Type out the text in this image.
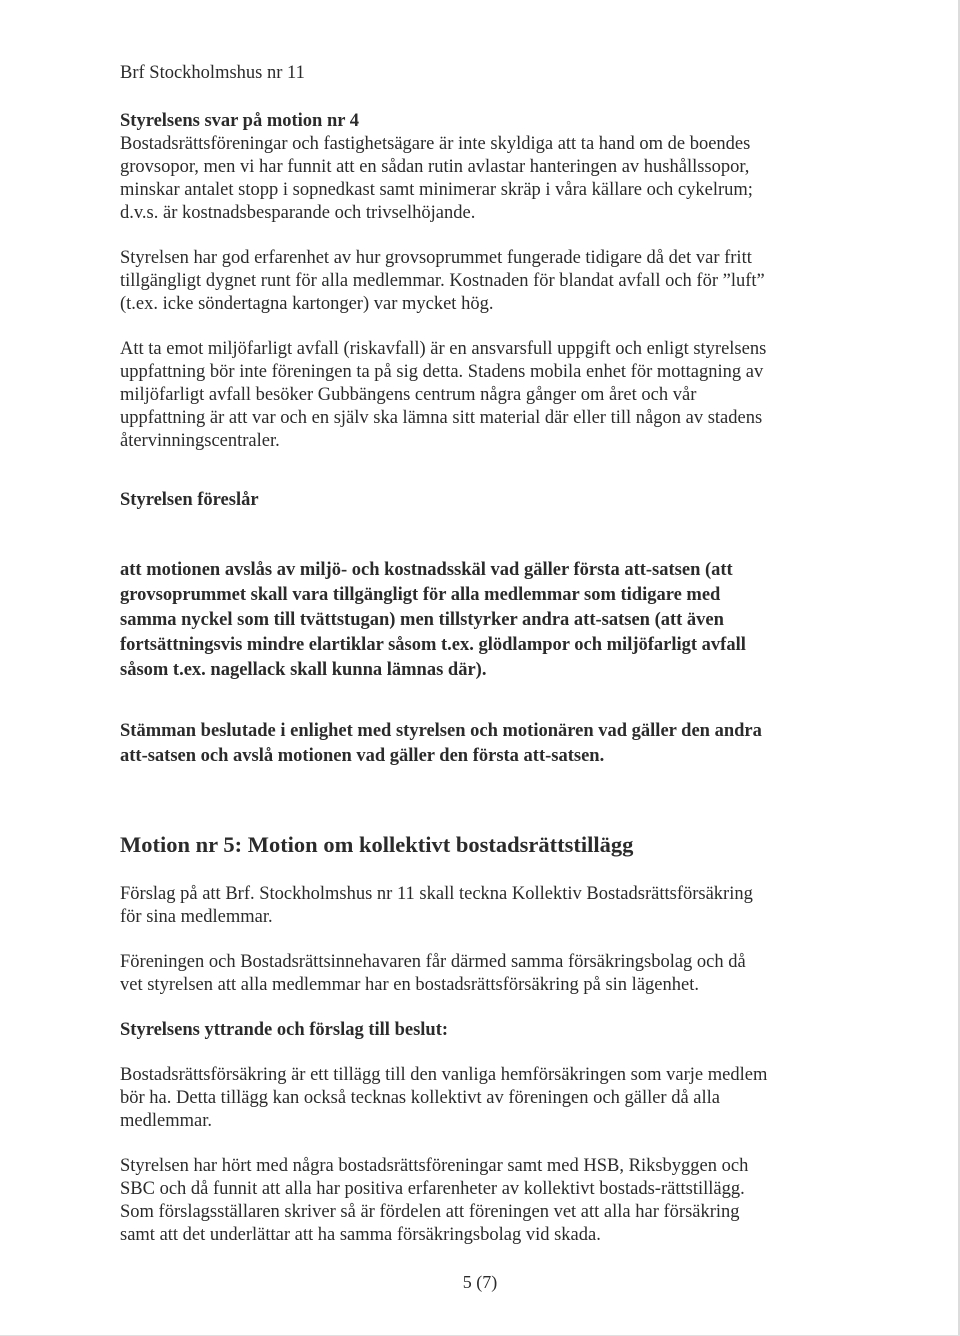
Brf Stockholmshus nr 11

Styrelsens svar på motion nr 4

Bostadsrättsföreningar och fastighetsägare är inte skyldiga att ta hand om de boendes grovsopor, men vi har funnit att en sådan rutin avlastar hanteringen av hushållssopor, minskar antalet stopp i sopnedkast samt minimerar skräp i våra källare och cykelrum; d.v.s. är kostnadsbesparande och trivselhöjande.

Styrelsen har god erfarenhet av hur grovsoprummet fungerade tidigare då det var fritt tillgängligt dygnet runt för alla medlemmar. Kostnaden för blandat avfall och för ”luft” (t.ex. icke söndertagna kartonger) var mycket hög.

Att ta emot miljöfarligt avfall (riskavfall) är en ansvarsfull uppgift och enligt styrelsens uppfattning bör inte föreningen ta på sig detta. Stadens mobila enhet för mottagning av miljöfarligt avfall besöker Gubbängens centrum några gånger om året och vår uppfattning är att var och en själv ska lämna sitt material där eller till någon av stadens återvinningscentraler.

Styrelsen föreslår

att motionen avslås av miljö- och kostnadsskäl vad gäller första att-satsen (att grovsoprummet skall vara tillgängligt för alla medlemmar som tidigare med samma nyckel som till tvättstugan) men tillstyrker andra att-satsen (att även fortsättningsvis mindre elartiklar såsom t.ex. glödlampor och miljöfarligt avfall såsom t.ex. nagellack skall kunna lämnas där).

Stämman beslutade i enlighet med styrelsen och motionären vad gäller den andra att-satsen och avslå motionen vad gäller den första att-satsen.

Motion nr 5: Motion om kollektivt bostadsrättstillägg

Förslag på att Brf. Stockholmshus nr 11 skall teckna Kollektiv Bostadsrättsförsäkring för sina medlemmar.

Föreningen och Bostadsrättsinnehavaren får därmed samma försäkringsbolag och då vet styrelsen att alla medlemmar har en bostadsrättsförsäkring på sin lägenhet.

Styrelsens yttrande och förslag till beslut:

Bostadsrättsförsäkring är ett tillägg till den vanliga hemförsäkringen som varje medlem bör ha. Detta tillägg kan också tecknas kollektivt av föreningen och gäller då alla medlemmar.

Styrelsen har hört med några bostadsrättsföreningar samt med HSB, Riksbyggen och SBC och då funnit att alla har positiva erfarenheter av kollektivt bostads-rättstillägg. Som förslagsställaren skriver så är fördelen att föreningen vet att alla har försäkring samt att det underlättar att ha samma försäkringsbolag vid skada.

5 (7)
